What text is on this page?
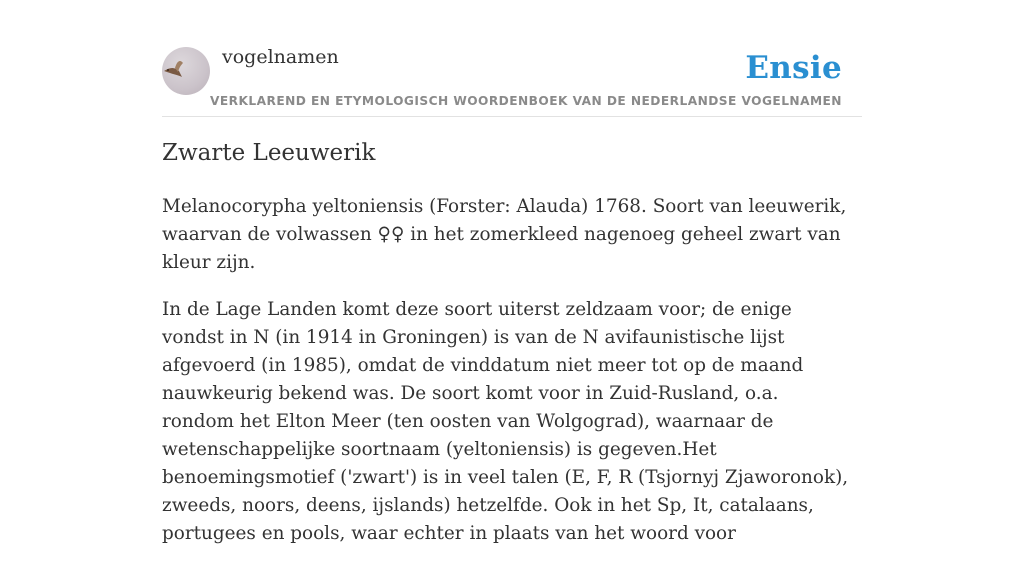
vogelnamen	Ensie
VERKLAREND EN ETYMOLOGISCH WOORDENBOEK VAN DE NEDERLANDSE VOGELNAMEN
Zwarte Leeuwerik

Melanocorypha yeltoniensis (Forster: Alauda) 1768. Soort van leeuwerik, waarvan de volwassen ♀♀ in het zomerkleed nagenoeg geheel zwart van kleur zijn.

In de Lage Landen komt deze soort uiterst zeldzaam voor; de enige vondst in N (in 1914 in Groningen) is van de N avifaunistische lijst afgevoerd (in 1985), omdat de vinddatum niet meer tot op de maand nauwkeurig bekend was. De soort komt voor in Zuid-Rusland, o.a. rondom het Elton Meer (ten oosten van Wolgograd), waarnaar de wetenschappelijke soortnaam (yeltoniensis) is gegeven.Het benoemingsmotief ('zwart') is in veel talen (E, F, R (Tsjornyj Zjaworonok), zweeds, noors, deens, ijslands) hetzelfde. Ook in het Sp, It, catalaans, portugees en pools, waar echter in plaats van het woord voor
